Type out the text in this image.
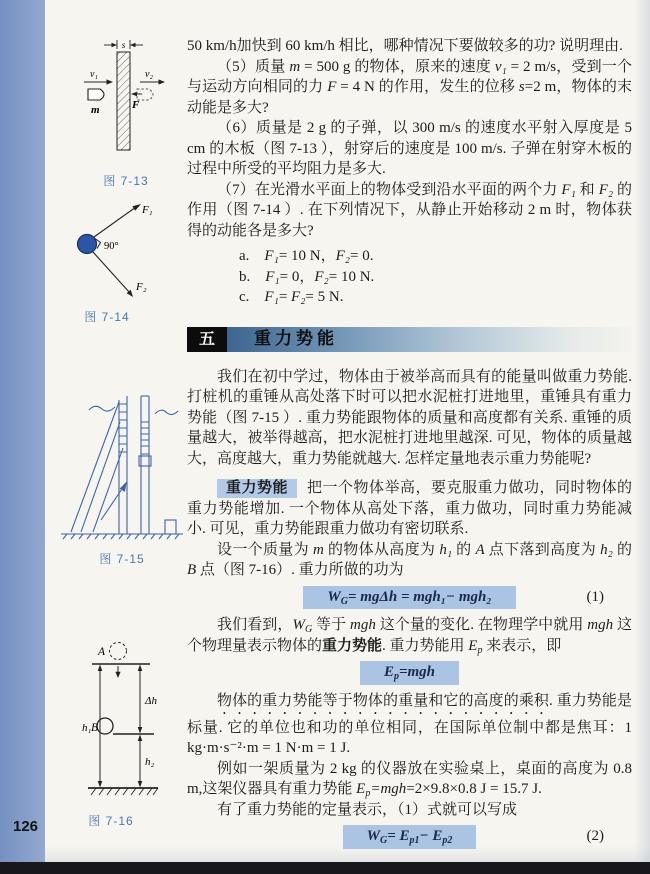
126
s
v₁
m	F
v₂
图 7-13
F₁
F₂
90°
图 7-14
图 7-15
A
h₁
Δh
B
h₂
图 7-16

50 km/h加快到 60 km/h 相比，哪种情况下要做较多的功? 说明理由.

（5）质量 m = 500 g 的物体，原来的速度 v₁ = 2 m/s，受到一个与运动方向相同的力 F = 4 N 的作用，发生的位移 s=2 m，物体的末动能是多大?

（6）质量是 2 g 的子弹，以 300 m/s 的速度水平射入厚度是 5 cm 的木板（图 7-13 ），射穿后的速度是 100 m/s. 子弹在射穿木板的过程中所受的平均阻力是多大.

（7）在光滑水平面上的物体受到沿水平面的两个力 F₁ 和 F₂ 的作用（图 7-14 ）. 在下列情况下，从静止开始移动 2 m 时，物体获得的动能各是多大?

a.　F₁= 10 N，F₂= 0.

b.　F₁= 0，F₂= 10 N.

c.　F₁= F₂= 5 N.

五	重力势能

我们在初中学过，物体由于被举高而具有的能量叫做重力势能. 打桩机的重锤从高处落下时可以把水泥桩打进地里，重锤具有重力势能（图 7-15 ）. 重力势能跟物体的质量和高度都有关系. 重锤的质量越大，被举得越高，把水泥桩打进地里越深. 可见，物体的质量越大，高度越大，重力势能就越大. 怎样定量地表示重力势能呢?

重力势能 把一个物体举高，要克服重力做功，同时物体的重力势能增加. 一个物体从高处下落，重力做功，同时重力势能减小. 可见，重力势能跟重力做功有密切联系.

设一个质量为 m 的物体从高度为 h₁ 的 A 点下落到高度为 h₂ 的 B 点（图 7-16）. 重力所做的功为

$W_G= mg\Delta h = mgh_1- mgh_2$	(1)

我们看到，$W_G$ 等于 mgh 这个量的变化. 在物理学中就用 mgh 这个物理量表示物体的重力势能. 重力势能用 $E_p$ 来表示，即

$E_p=mgh$

物体的重力势能等于物体的重量和它的高度的乘积. 重力势能是标量. 它的单位也和功的单位相同，在国际单位制中都是焦耳：1 kg·m·s⁻²·m = 1 N·m = 1 J.

例如一架质量为 2 kg 的仪器放在实验桌上，桌面的高度为 0.8 m,这架仪器具有重力势能 $E_p=mgh=2\times 9.8\times 0.8$ J = 15.7 J.

有了重力势能的定量表示，（1）式就可以写成

$W_G= E_{p1}- E_{p2}$	(2)
